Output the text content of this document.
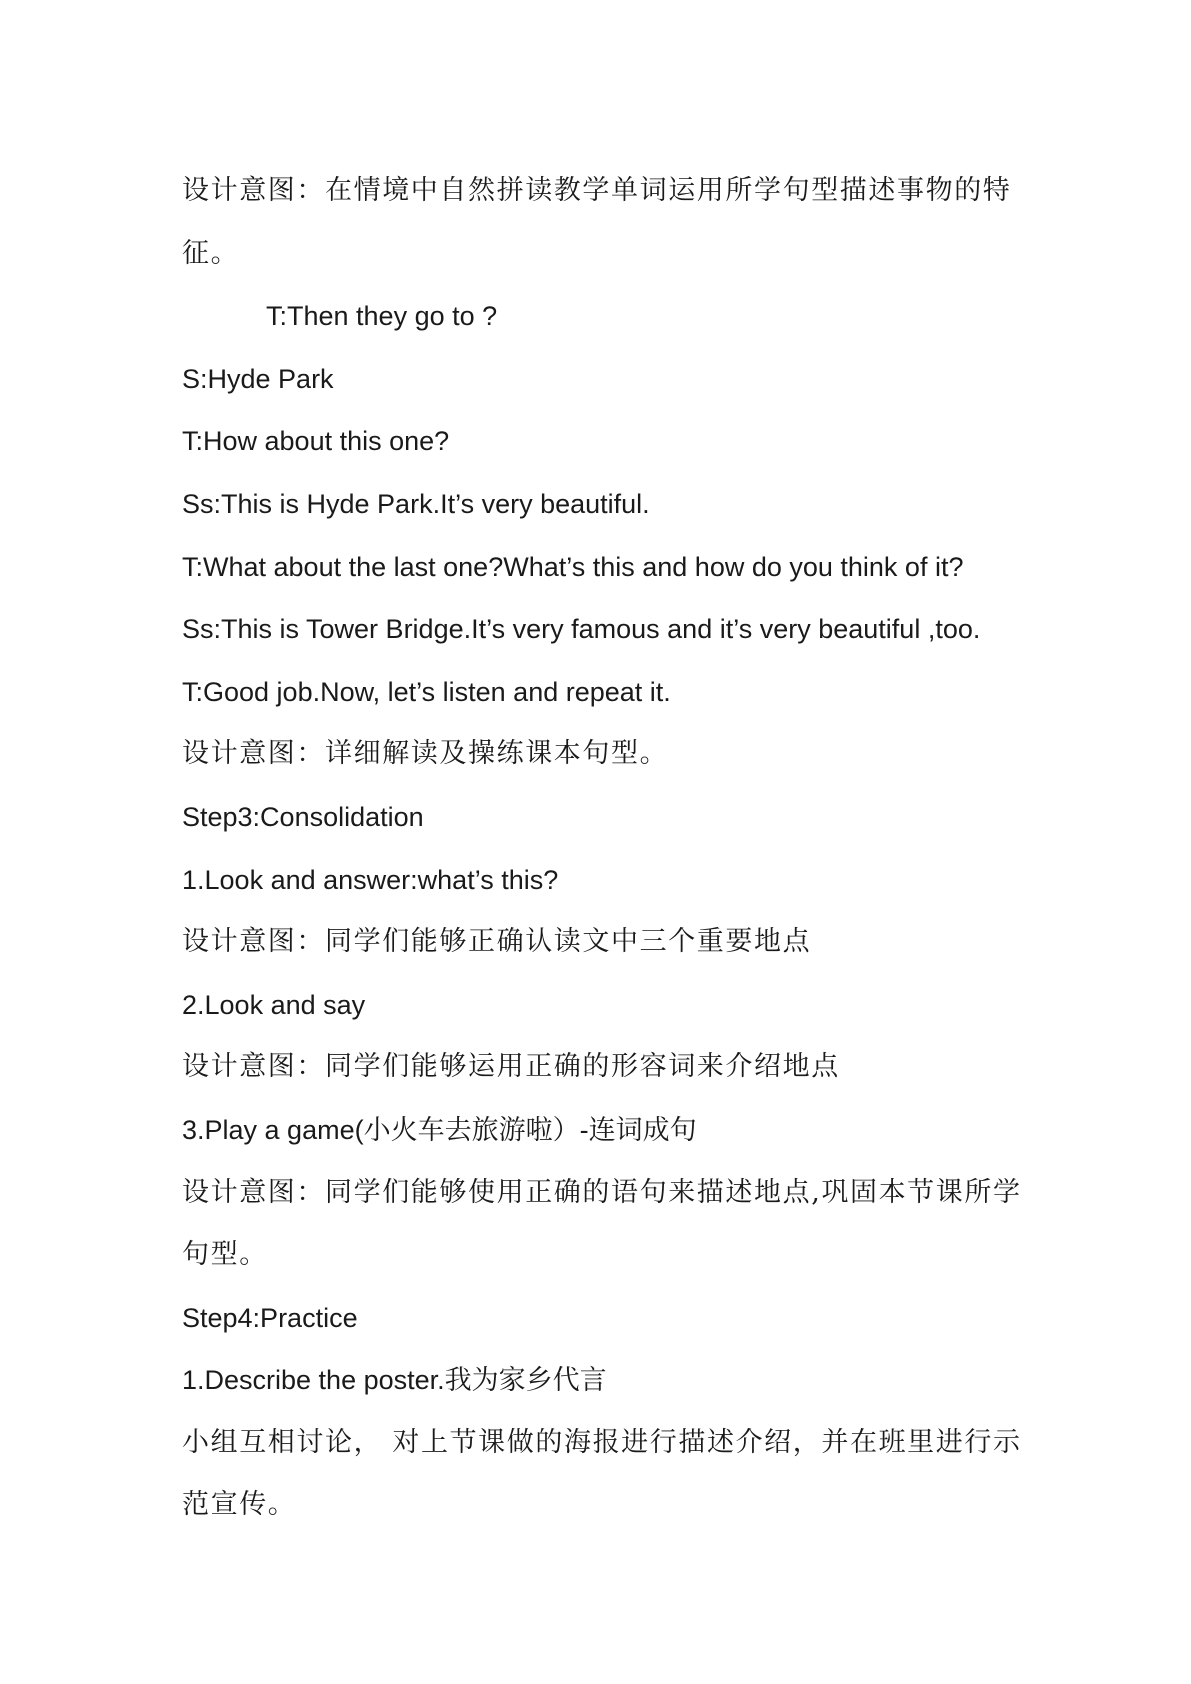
设计意图：在情境中自然拼读教学单词运用所学句型描述事物的特

征。

T:Then they go to ?

S:Hyde Park

T:How about this one?

Ss:This is Hyde Park.It’s very beautiful.

T:What about the last one?What’s this and how do you think of it?

Ss:This is Tower Bridge.It’s very famous and it’s very beautiful ,too.

T:Good job.Now, let’s listen and repeat it.

设计意图：详细解读及操练课本句型。

Step3:Consolidation

1.Look and answer:what’s this?

设计意图：同学们能够正确认读文中三个重要地点

2.Look and say

设计意图：同学们能够运用正确的形容词来介绍地点

3.Play a game(小火车去旅游啦）-连词成句

设计意图：同学们能够使用正确的语句来描述地点,巩固本节课所学

句型。

Step4:Practice

1.Describe the poster.我为家乡代言

小组互相讨论， 对上节课做的海报进行描述介绍，并在班里进行示

范宣传。
